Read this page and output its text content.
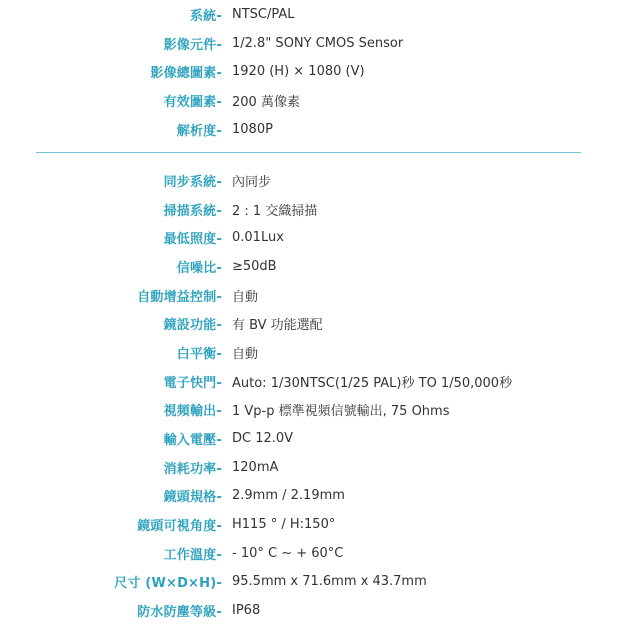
系統 -	NTSC/PAL
影像元件 -	1/2.8" SONY CMOS Sensor
影像總圖素 -	1920 (H) × 1080 (V)
有效圖素 -	200 萬像素
解析度 -	1080P
同步系統 -	內同步
掃描系統 -	2 : 1 交織掃描
最低照度 -	0.01Lux
信噪比 -	≥50dB
自動增益控制 -	自動
鏡設功能 -	有 BV 功能選配
白平衡 -	自動
電子快門 -	Auto: 1/30NTSC(1/25 PAL)秒 TO 1/50,000秒
視頻輸出 -	1 Vp-p 標準視頻信號輸出, 75 Ohms
輸入電壓 -	DC 12.0V
消耗功率 -	120mA
鏡頭規格 -	2.9mm / 2.19mm
鏡頭可視角度 -	H115 ° / H:150°
工作溫度 -	- 10° C ~ + 60°C
尺寸 (W×D×H) -	95.5mm x 71.6mm x 43.7mm
防水防塵等級 -	IP68
